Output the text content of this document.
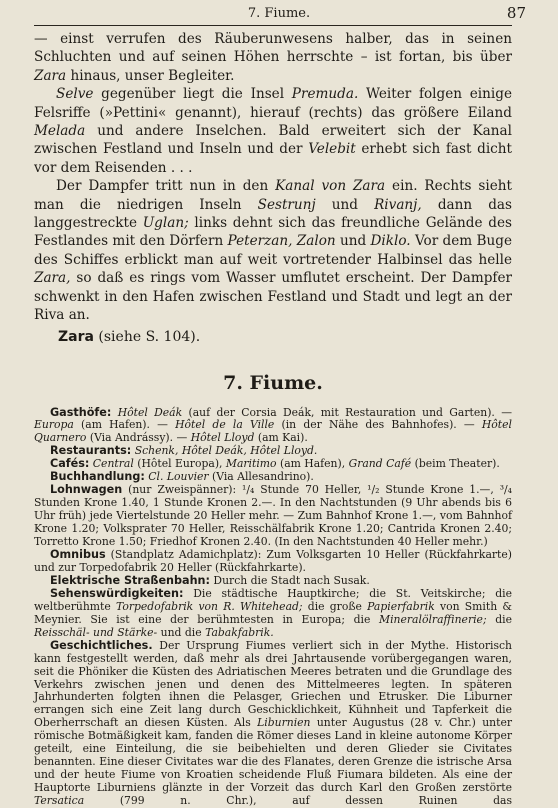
7. Fiume.	87

— einst verrufen des Räuberunwesens halber, das in seinen Schluchten und auf seinen Höhen herrschte – ist fortan, bis über Zara hinaus, unser Begleiter.

Selve gegenüber liegt die Insel Premuda. Weiter folgen einige Felsriffe (»Pettini« genannt), hierauf (rechts) das größere Eiland Melada und andere Inselchen. Bald erweitert sich der Kanal zwischen Festland und Inseln und der Velebit erhebt sich fast dicht vor dem Reisenden . . .

Der Dampfer tritt nun in den Kanal von Zara ein. Rechts sieht man die niedrigen Inseln Sestrunj und Rivanj, dann das langgestreckte Uglan; links dehnt sich das freundliche Gelände des Festlandes mit den Dörfern Peterzan, Zalon und Diklo. Vor dem Buge des Schiffes erblickt man auf weit vortretender Halbinsel das helle Zara, so daß es rings vom Wasser umflutet erscheint. Der Dampfer schwenkt in den Hafen zwischen Festland und Stadt und legt an der Riva an.

Zara (siehe S. 104).

7. Fiume.

Gasthöfe: Hôtel Deák (auf der Corsia Deák, mit Restauration und Garten). — Europa (am Hafen). — Hôtel de la Ville (in der Nähe des Bahnhofes). — Hôtel Quarnero (Via Andrássy). — Hôtel Lloyd (am Kai).

Restaurants: Schenk, Hôtel Deák, Hôtel Lloyd.

Cafés: Central (Hôtel Europa), Maritimo (am Hafen), Grand Café (beim Theater).

Buchhandlung: Cl. Louvier (Via Allesandrino).

Lohnwagen (nur Zweispänner): ¹/₄ Stunde 70 Heller, ¹/₂ Stunde Krone 1.—, ³/₄ Stunden Krone 1.40, 1 Stunde Kronen 2.—. In den Nachtstunden (9 Uhr abends bis 6 Uhr früh) jede Viertelstunde 20 Heller mehr. — Zum Bahnhof Krone 1.—, vom Bahnhof Krone 1.20; Volksprater 70 Heller, Reisschälfabrik Krone 1.20; Cantrida Kronen 2.40; Torretto Krone 1.50; Friedhof Kronen 2.40. (In den Nachtstunden 40 Heller mehr.)

Omnibus (Standplatz Adamichplatz): Zum Volksgarten 10 Heller (Rückfahrkarte) und zur Torpedofabrik 20 Heller (Rückfahrkarte).

Elektrische Straßenbahn: Durch die Stadt nach Susak.

Sehenswürdigkeiten: Die städtische Hauptkirche; die St. Veitskirche; die weltberühmte Torpedofabrik von R. Whitehead; die große Papierfabrik von Smith & Meynier. Sie ist eine der berühmtesten in Europa; die Mineralölraffinerie; die Reisschäl- und Stärke- und die Tabakfabrik.

Geschichtliches. Der Ursprung Fiumes verliert sich in der Mythe. Historisch kann festgestellt werden, daß mehr als drei Jahrtausende vorübergegangen waren, seit die Phöniker die Küsten des Adriatischen Meeres betraten und die Grundlage des Verkehrs zwischen jenen und denen des Mittelmeeres legten. In späteren Jahrhunderten folgten ihnen die Pelasger, Griechen und Etrusker. Die Liburner errangen sich eine Zeit lang durch Geschicklichkeit, Kühnheit und Tapferkeit die Oberherrschaft an diesen Küsten. Als Liburnien unter Augustus (28 v. Chr.) unter römische Botmäßigkeit kam, fanden die Römer dieses Land in kleine autonome Körper geteilt, eine Einteilung, die sie beibehielten und deren Glieder sie Civitates benannten. Eine dieser Civitates war die des Flanates, deren Grenze die istrische Arsa und der heute Fiume von Kroatien scheidende Fluß Fiumara bildeten. Als eine der Hauptorte Liburniens glänzte in der Vorzeit das durch Karl den Großen zerstörte Tersatica (799 n. Chr.), auf dessen Ruinen das
